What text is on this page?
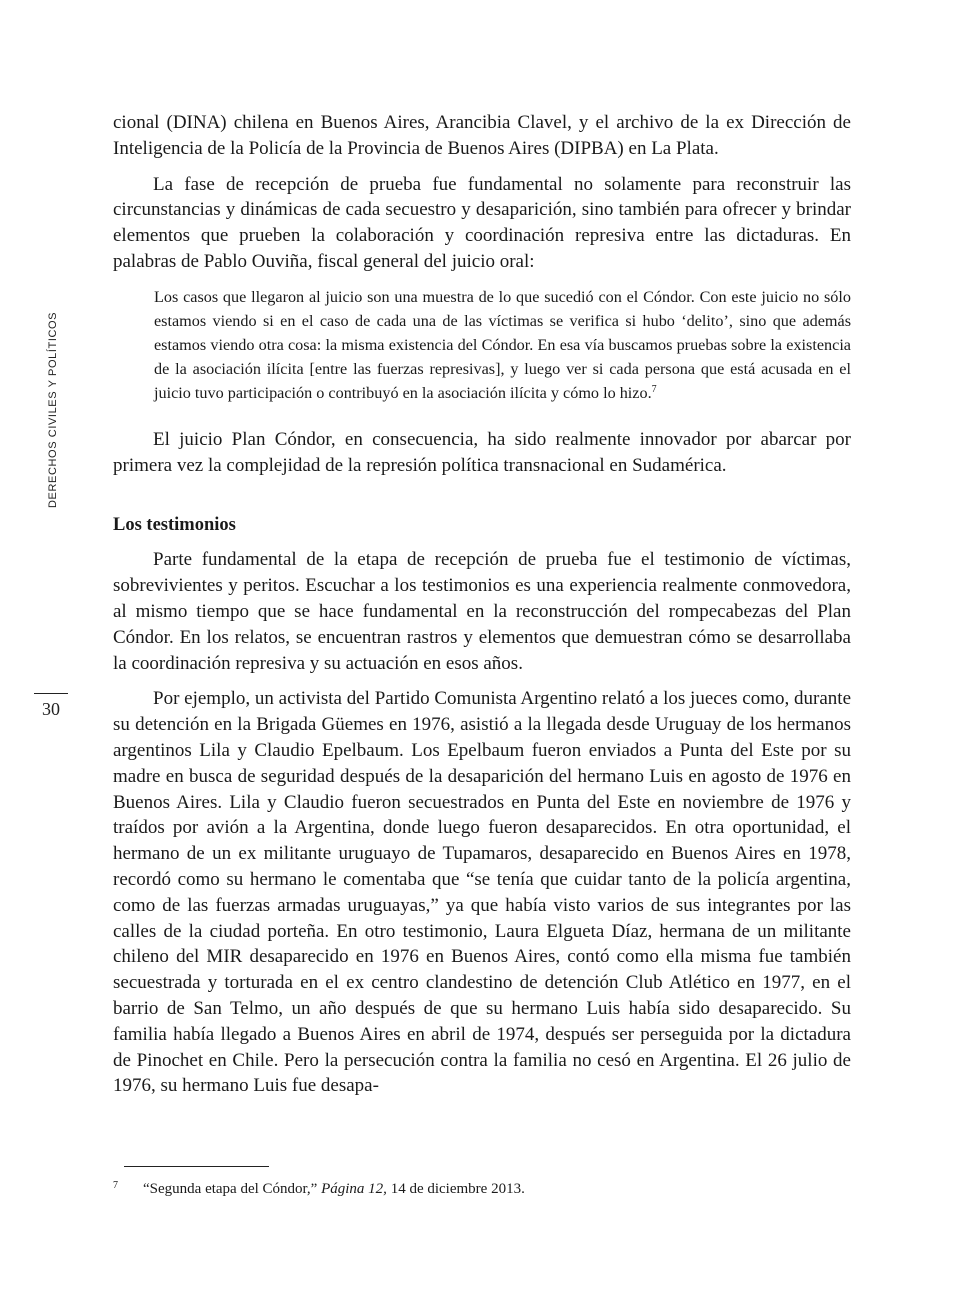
DERECHOS CIVILES Y POLÍTICOS
30

cional (DINA) chilena en Buenos Aires, Arancibia Clavel, y el archivo de la ex Dirección de Inteligencia de la Policía de la Provincia de Buenos Aires (DIPBA) en La Plata.

La fase de recepción de prueba fue fundamental no solamente para reconstruir las circunstancias y dinámicas de cada secuestro y desaparición, sino también para ofrecer y brindar elementos que prueben la colaboración y coordinación represiva entre las dictaduras. En palabras de Pablo Ouviña, fiscal general del juicio oral:

Los casos que llegaron al juicio son una muestra de lo que sucedió con el Cóndor. Con este juicio no sólo estamos viendo si en el caso de cada una de las víctimas se verifica si hubo ‘delito’, sino que además estamos viendo otra cosa: la misma existencia del Cóndor. En esa vía buscamos pruebas sobre la existencia de la asociación ilícita [entre las fuerzas represivas], y luego ver si cada persona que está acusada en el juicio tuvo participación o contribuyó en la asociación ilícita y cómo lo hizo.$^7$

El juicio Plan Cóndor, en consecuencia, ha sido realmente innovador por abarcar por primera vez la complejidad de la represión política transnacional en Sudamérica.

Los testimonios

Parte fundamental de la etapa de recepción de prueba fue el testimonio de víctimas, sobrevivientes y peritos. Escuchar a los testimonios es una experiencia realmente conmovedora, al mismo tiempo que se hace fundamental en la reconstrucción del rompecabezas del Plan Cóndor. En los relatos, se encuentran rastros y elementos que demuestran cómo se desarrollaba la coordinación represiva y su actuación en esos años.

Por ejemplo, un activista del Partido Comunista Argentino relató a los jueces como, durante su detención en la Brigada Güemes en 1976, asistió a la llegada desde Uruguay de los hermanos argentinos Lila y Claudio Epelbaum. Los Epelbaum fueron enviados a Punta del Este por su madre en busca de seguridad después de la desaparición del hermano Luis en agosto de 1976 en Buenos Aires. Lila y Claudio fueron secuestrados en Punta del Este en noviembre de 1976 y traídos por avión a la Argentina, donde luego fueron desaparecidos. En otra oportunidad, el hermano de un ex militante uruguayo de Tupamaros, desaparecido en Buenos Aires en 1978, recordó como su hermano le comentaba que “se tenía que cuidar tanto de la policía argentina, como de las fuerzas armadas uruguayas,” ya que había visto varios de sus integrantes por las calles de la ciudad porteña. En otro testimonio, Laura Elgueta Díaz, hermana de un militante chileno del MIR desaparecido en 1976 en Buenos Aires, contó como ella misma fue también secuestrada y torturada en el ex centro clandestino de detención Club Atlético en 1977, en el barrio de San Telmo, un año después de que su hermano Luis había sido desaparecido. Su familia había llegado a Buenos Aires en abril de 1974, después ser perseguida por la dictadura de Pinochet en Chile. Pero la persecución contra la familia no cesó en Argentina. El 26 julio de 1976, su hermano Luis fue desapa-

7 “Segunda etapa del Cóndor,” Página 12, 14 de diciembre 2013.
